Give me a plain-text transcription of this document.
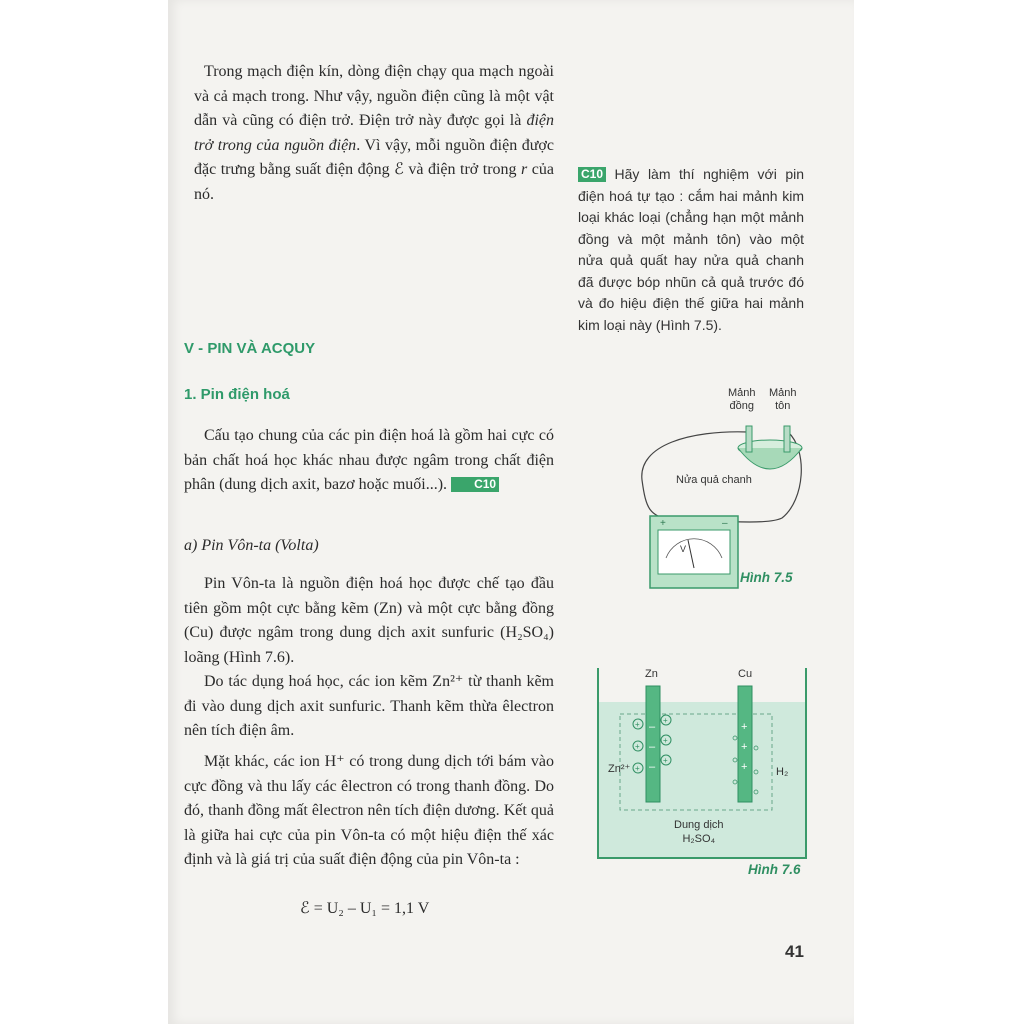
Trong mạch điện kín, dòng điện chạy qua mạch ngoài và cả mạch trong. Như vậy, nguồn điện cũng là một vật dẫn và cũng có điện trở. Điện trở này được gọi là điện trở trong của nguồn điện. Vì vậy, mỗi nguồn điện được đặc trưng bằng suất điện động ℰ và điện trở trong r của nó.
C10 Hãy làm thí nghiệm với pin điện hoá tự tạo : cắm hai mảnh kim loại khác loại (chẳng hạn một mảnh đồng và một mảnh tôn) vào một nửa quả quất hay nửa quả chanh đã được bóp nhũn cả quả trước đó và đo hiệu điện thế giữa hai mảnh kim loại này (Hình 7.5).
V - PIN VÀ ACQUY
1. Pin điện hoá
Cấu tạo chung của các pin điện hoá là gồm hai cực có bản chất hoá học khác nhau được ngâm trong chất điện phân (dung dịch axit, bazơ hoặc muối...). C10
a) Pin Vôn-ta (Volta)
Pin Vôn-ta là nguồn điện hoá học được chế tạo đầu tiên gồm một cực bằng kẽm (Zn) và một cực bằng đồng (Cu) được ngâm trong dung dịch axit sunfuric (H₂SO₄) loãng (Hình 7.6).
Do tác dụng hoá học, các ion kẽm Zn²⁺ từ thanh kẽm đi vào dung dịch axit sunfuric. Thanh kẽm thừa êlectron nên tích điện âm.
Mặt khác, các ion H⁺ có trong dung dịch tới bám vào cực đồng và thu lấy các êlectron có trong thanh đồng. Do đó, thanh đồng mất êlectron nên tích điện dương. Kết quả là giữa hai cực của pin Vôn-ta có một hiệu điện thế xác định và là giá trị của suất điện động của pin Vôn-ta :
ℰ = U₂ – U₁ = 1,1 V
+	–
Mảnh
đồng
Mảnh
tôn
Nửa quả chanh
V
Hình 7.5
–
–
–
+
+
+
+
+
+
+
+
+
Zn	Cu
Zn²⁺	H₂
Dung dịch
H₂SO₄
Hình 7.6
41
